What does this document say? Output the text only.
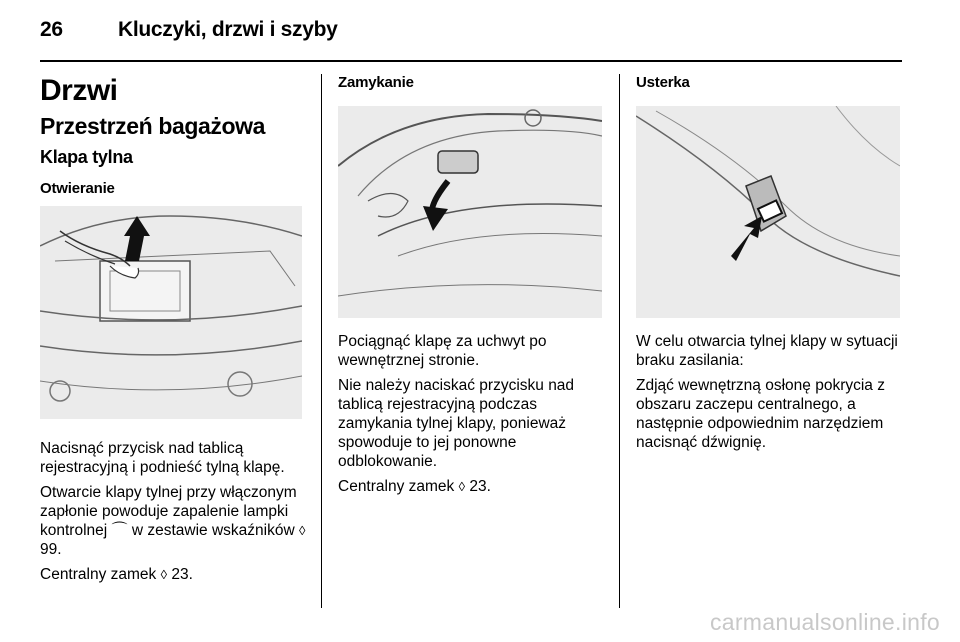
26	Kluczyki, drzwi i szyby
Drzwi
Przestrzeń bagażowa
Klapa tylna
Otwieranie

Nacisnąć przycisk nad tablicą rejestracyjną i podnieść tylną klapę.

Otwarcie klapy tylnej przy włączonym zapłonie powoduje zapalenie lampki kontrolnej ⌒ w zestawie wskaźników ◊ 99.

Centralny zamek ◊ 23.

Zamykanie

Pociągnąć klapę za uchwyt po wewnętrznej stronie.

Nie należy naciskać przycisku nad tablicą rejestracyjną podczas zamykania tylnej klapy, ponieważ spowoduje to jej ponowne odblokowanie.

Centralny zamek ◊ 23.

Usterka

W celu otwarcia tylnej klapy w sytuacji braku zasilania:

Zdjąć wewnętrzną osłonę pokrycia z obszaru zaczepu centralnego, a następnie odpowiednim narzędziem nacisnąć dźwignię.

carmanualsonline.info
